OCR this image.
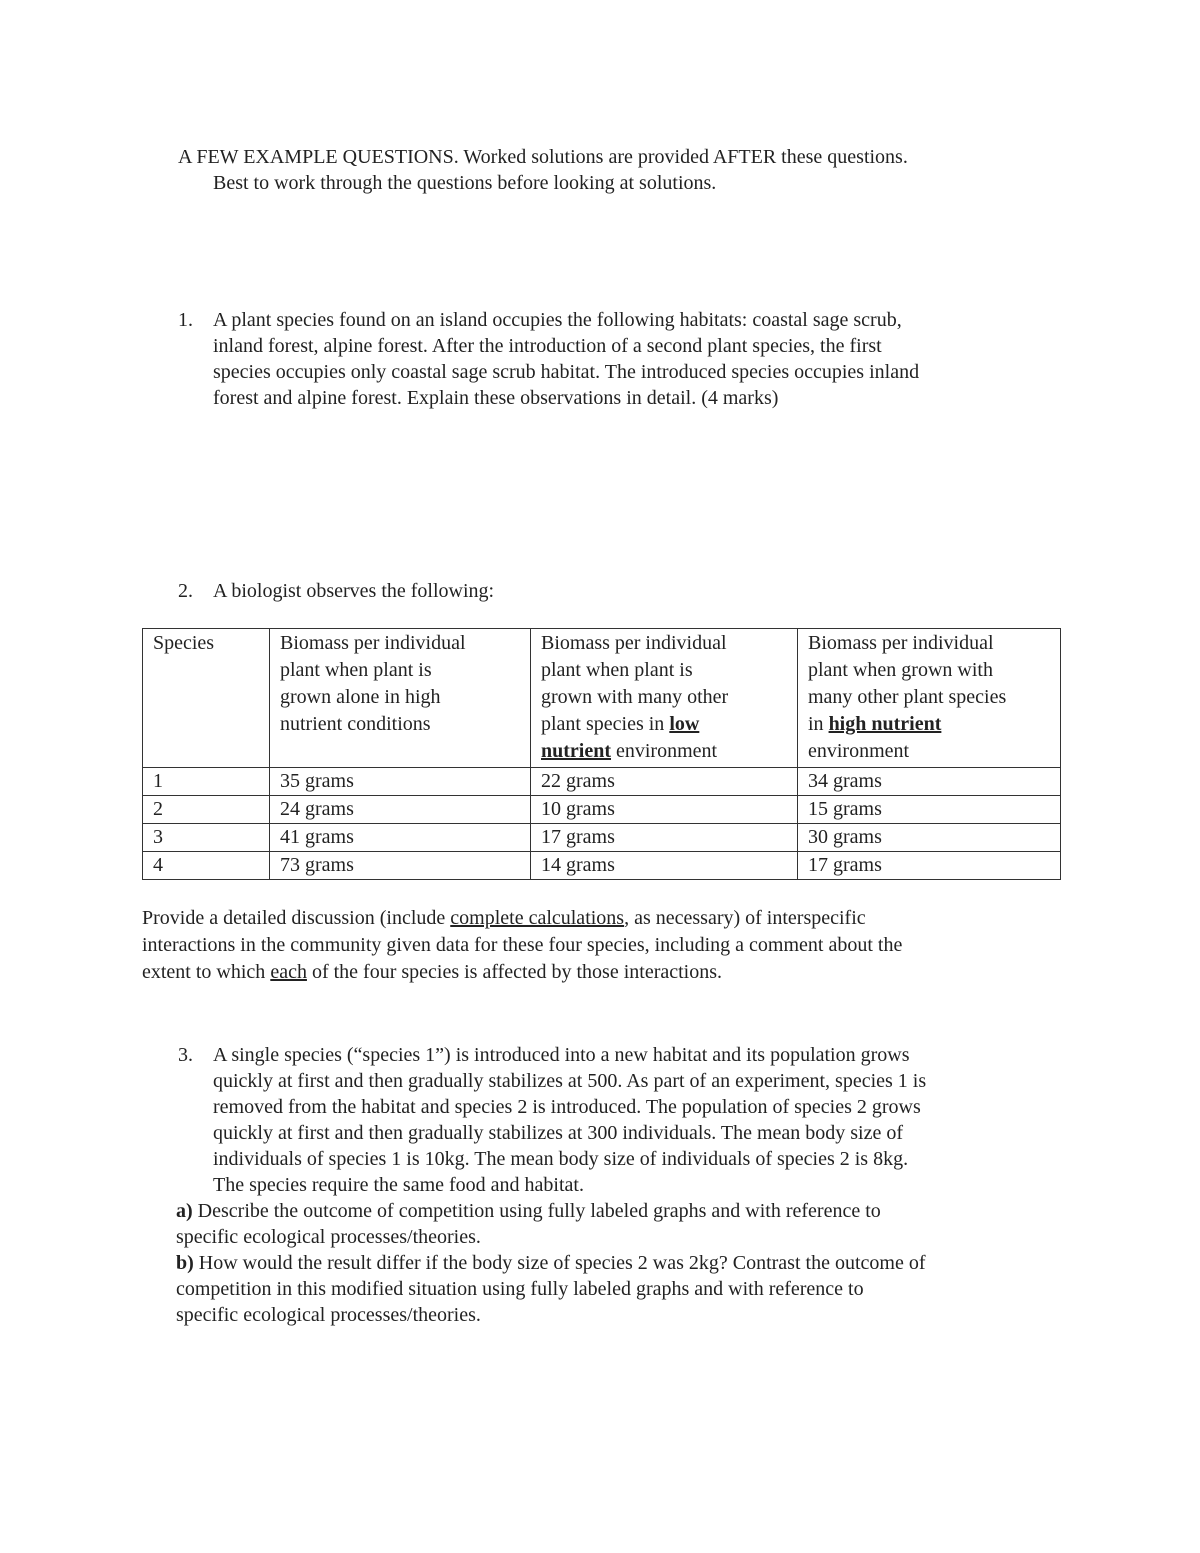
A FEW EXAMPLE QUESTIONS. Worked solutions are provided AFTER these questions.
Best to work through the questions before looking at solutions.
1. A plant species found on an island occupies the following habitats: coastal sage scrub,
inland forest, alpine forest. After the introduction of a second plant species, the first
species occupies only coastal sage scrub habitat. The introduced species occupies inland
forest and alpine forest. Explain these observations in detail. (4 marks)
2. A biologist observes the following:
Species	Biomass per individual
plant when plant is
grown alone in high
nutrient conditions	Biomass per individual
plant when plant is
grown with many other
plant species in low
nutrient environment	Biomass per individual
plant when grown with
many other plant species
in high nutrient
environment

1	35 grams	22 grams	34 grams
2	24 grams	10 grams	15 grams
3	41 grams	17 grams	30 grams
4	73 grams	14 grams	17 grams
Provide a detailed discussion (include complete calculations, as necessary) of interspecific
interactions in the community given data for these four species, including a comment about the
extent to which each of the four species is affected by those interactions.
3. A single species (“species 1”) is introduced into a new habitat and its population grows
quickly at first and then gradually stabilizes at 500. As part of an experiment, species 1 is
removed from the habitat and species 2 is introduced. The population of species 2 grows
quickly at first and then gradually stabilizes at 300 individuals. The mean body size of
individuals of species 1 is 10kg. The mean body size of individuals of species 2 is 8kg.
The species require the same food and habitat.
a) Describe the outcome of competition using fully labeled graphs and with reference to
specific ecological processes/theories.
b) How would the result differ if the body size of species 2 was 2kg? Contrast the outcome of
competition in this modified situation using fully labeled graphs and with reference to
specific ecological processes/theories.
